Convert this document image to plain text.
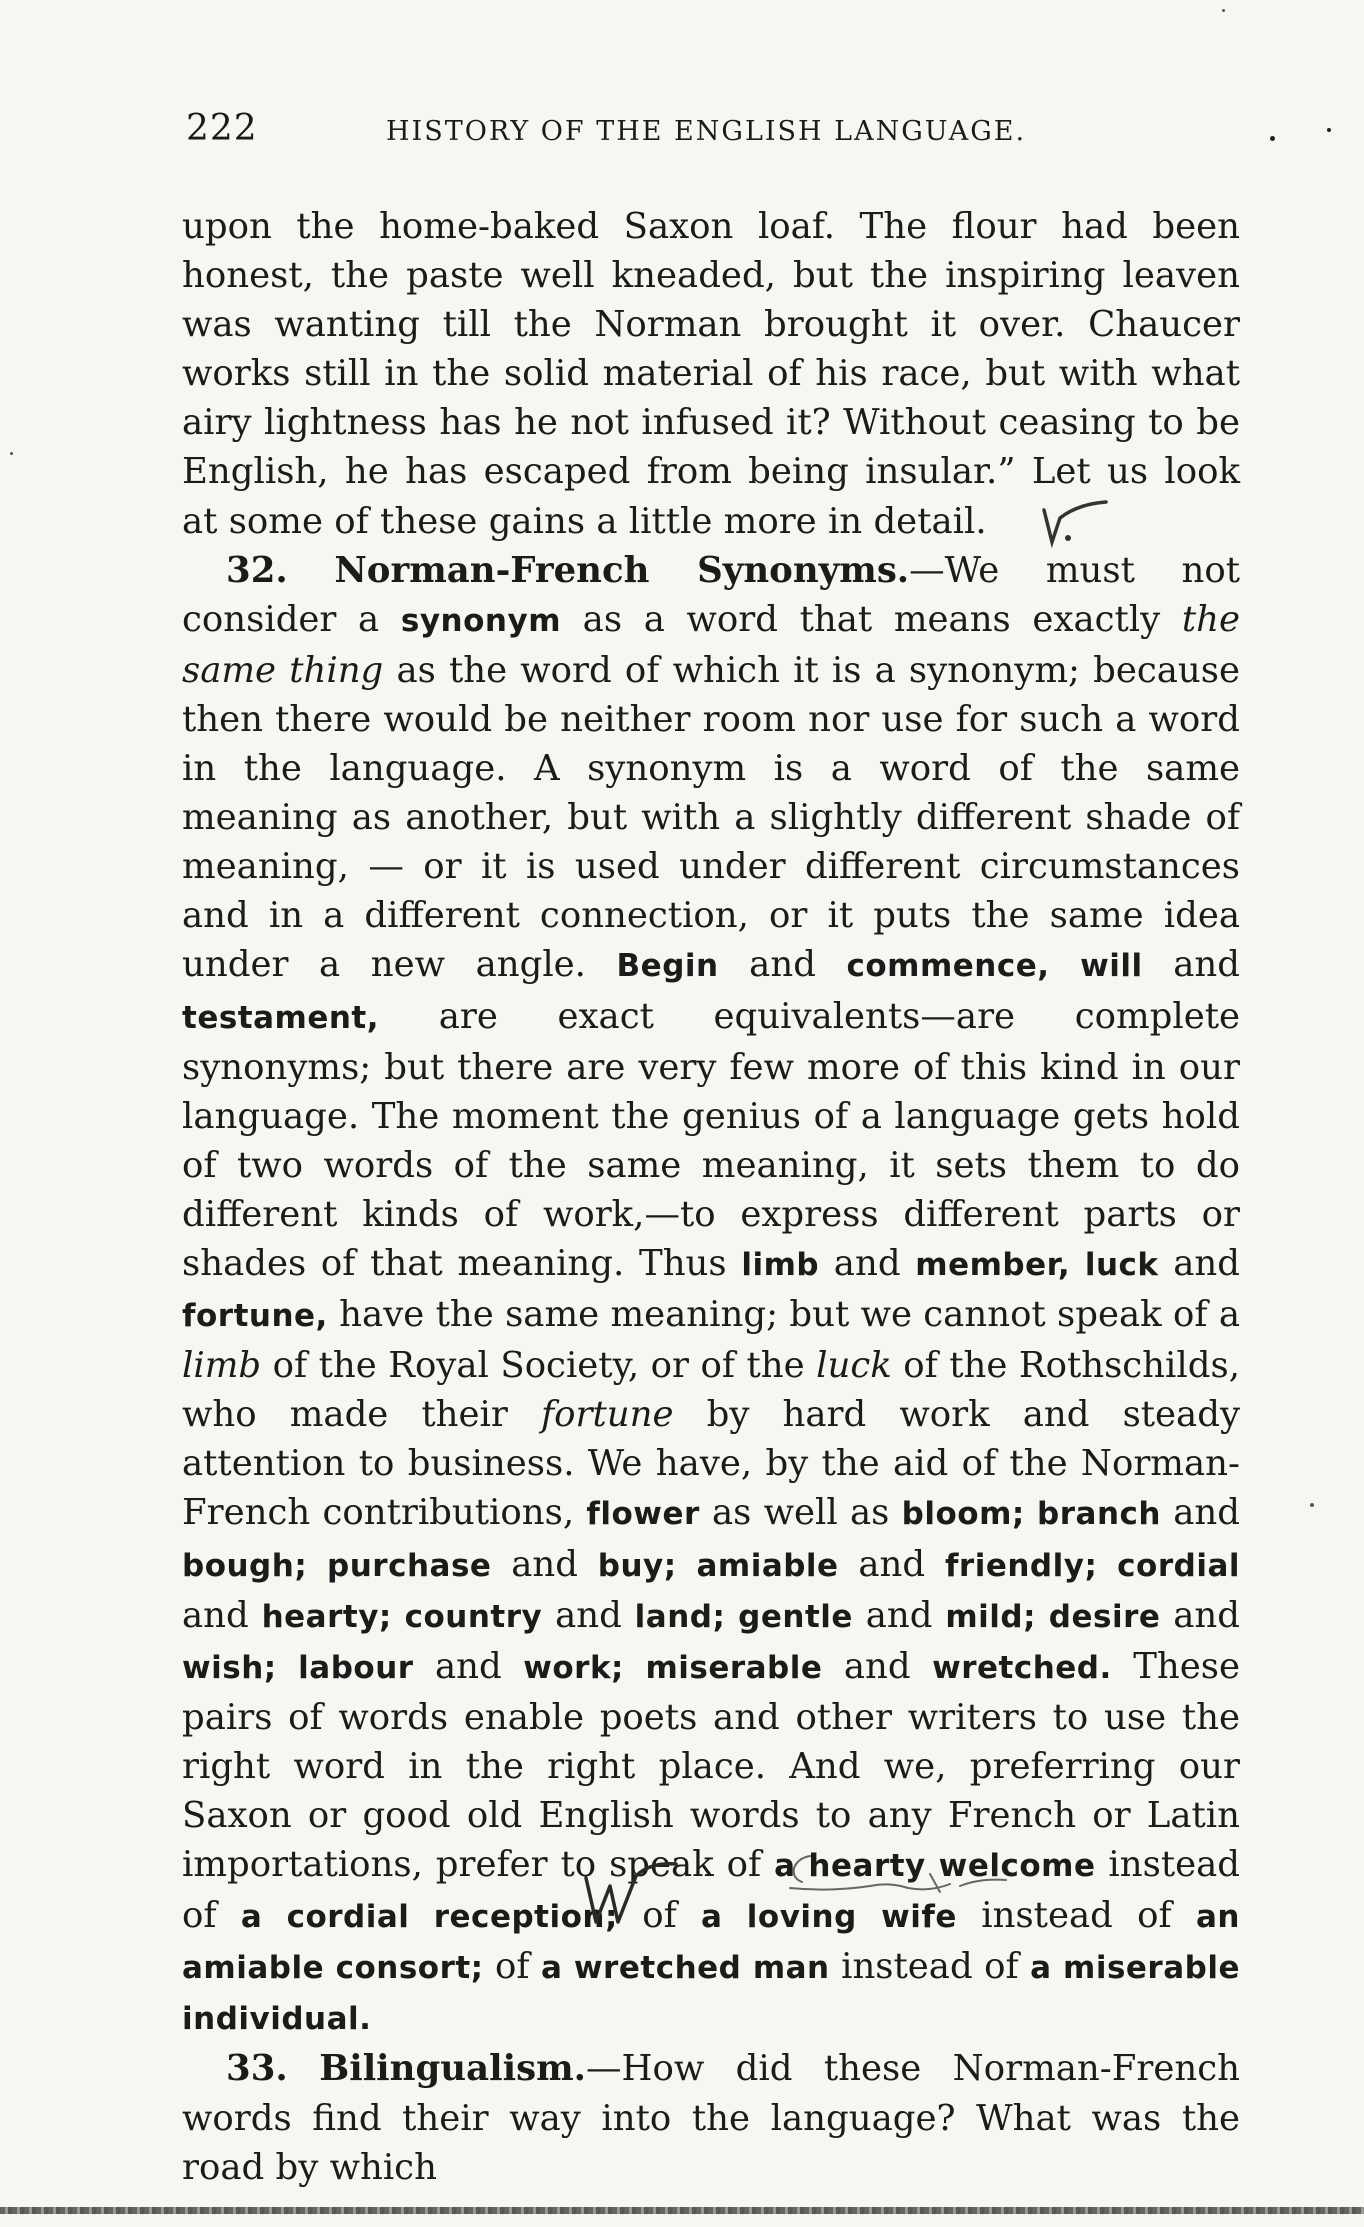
222	HISTORY OF THE ENGLISH LANGUAGE.

upon the home-baked Saxon loaf. The flour had been honest, the paste well kneaded, but the inspiring leaven was wanting till the Norman brought it over. Chaucer works still in the solid material of his race, but with what airy lightness has he not infused it? Without ceasing to be English, he has escaped from being insular.” Let us look at some of these gains a little more in detail.

32. Norman-French Synonyms.—We must not consider a synonym as a word that means exactly the same thing as the word of which it is a synonym; because then there would be neither room nor use for such a word in the language. A synonym is a word of the same meaning as another, but with a slightly different shade of meaning, — or it is used under different circumstances and in a different connection, or it puts the same idea under a new angle. Begin and commence, will and testament, are exact equivalents—are complete synonyms; but there are very few more of this kind in our language. The moment the genius of a language gets hold of two words of the same meaning, it sets them to do different kinds of work,—to express different parts or shades of that meaning. Thus limb and member, luck and fortune, have the same meaning; but we cannot speak of a limb of the Royal Society, or of the luck of the Rothschilds, who made their fortune by hard work and steady attention to business. We have, by the aid of the Norman-French contributions, flower as well as bloom; branch and bough; purchase and buy; amiable and friendly; cordial and hearty; country and land; gentle and mild; desire and wish; labour and work; miserable and wretched. These pairs of words enable poets and other writers to use the right word in the right place. And we, preferring our Saxon or good old English words to any French or Latin importations, prefer to speak of a hearty welcome instead of a cordial reception; of a loving wife instead of an amiable consort; of a wretched man instead of a miserable individual.

33. Bilingualism.—How did these Norman-French words find their way into the language? What was the road by which
